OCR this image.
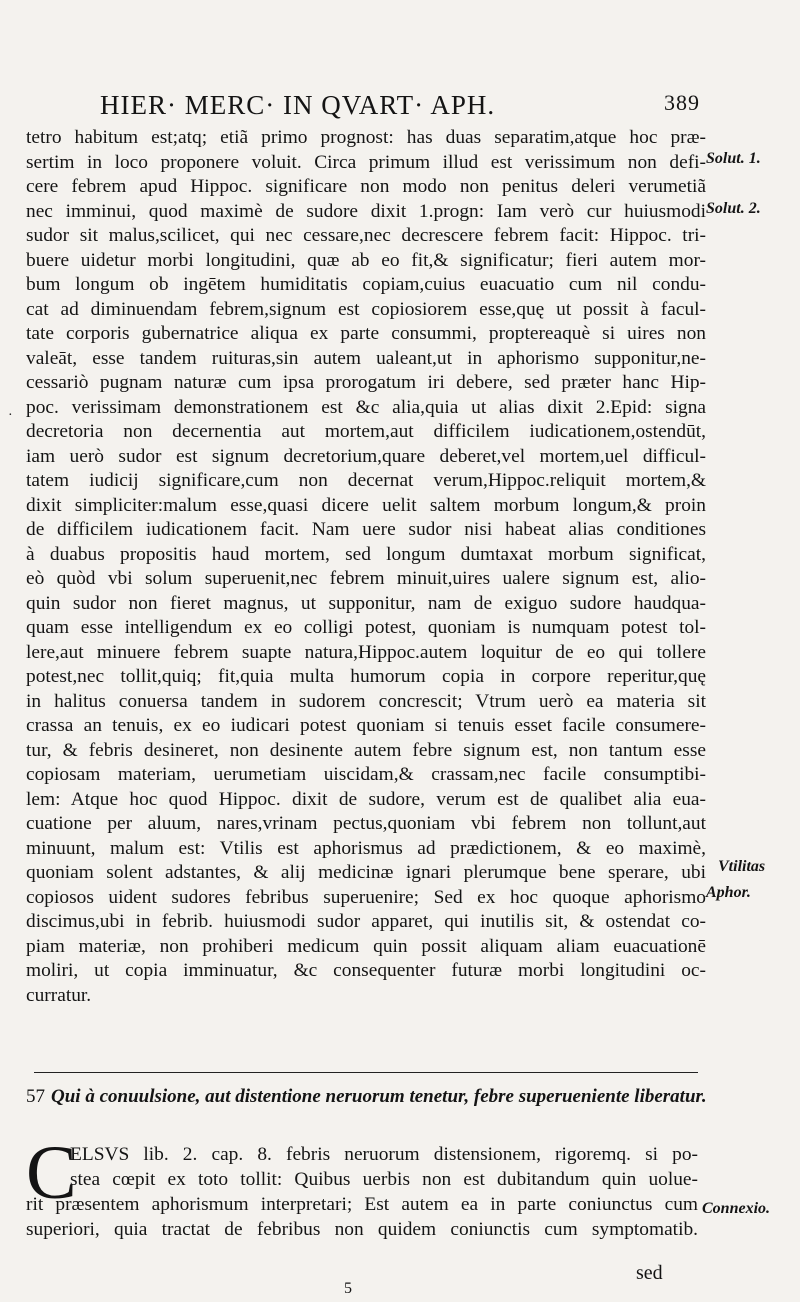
HIER· MERC· IN QVART· APH.	389
tetro habitum est;atq; etiã primo prognost: has duas separatim,atque hoc præ-
sertim in loco proponere voluit. Circa primum illud est verissimum non defi-
cere febrem apud Hippoc. significare non modo non penitus deleri verumetiã
nec imminui, quod maximè de sudore dixit 1.progn: Iam verò cur huiusmodi
sudor sit malus,scilicet, qui nec cessare,nec decrescere febrem facit: Hippoc. tri-
buere uidetur morbi longitudini, quæ ab eo fit,& significatur; fieri autem mor-
bum longum ob ingētem humiditatis copiam,cuius euacuatio cum nil condu-
cat ad diminuendam febrem,signum est copiosiorem esse,quę ut possit à facul-
tate corporis gubernatrice aliqua ex parte consummi, proptereaquè si uires non
valeāt, esse tandem ruituras,sin autem ualeant,ut in aphorismo supponitur,ne-
cessariò pugnam naturæ cum ipsa prorogatum iri debere, sed præter hanc Hip-
poc. verissimam demonstrationem est &c alia,quia ut alias dixit 2.Epid: signa
decretoria non decernentia aut mortem,aut difficilem iudicationem,ostendūt,
iam uerò sudor est signum decretorium,quare deberet,vel mortem,uel difficul-
tatem iudicij significare,cum non decernat verum,Hippoc.reliquit mortem,&
dixit simpliciter:malum esse,quasi dicere uelit saltem morbum longum,& proin
de difficilem iudicationem facit. Nam uere sudor nisi habeat alias conditiones
à duabus propositis haud mortem, sed longum dumtaxat morbum significat,
eò quòd vbi solum superuenit,nec febrem minuit,uires ualere signum est, alio-
quin sudor non fieret magnus, ut supponitur, nam de exiguo sudore haudqua-
quam esse intelligendum ex eo colligi potest, quoniam is numquam potest tol-
lere,aut minuere febrem suapte natura,Hippoc.autem loquitur de eo qui tollere
potest,nec tollit,quiq; fit,quia multa humorum copia in corpore reperitur,quę
in halitus conuersa tandem in sudorem concrescit; Vtrum uerò ea materia sit
crassa an tenuis, ex eo iudicari potest quoniam si tenuis esset facile consumere-
tur, & febris desineret, non desinente autem febre signum est, non tantum esse
copiosam materiam, uerumetiam uiscidam,& crassam,nec facile consumptibi-
lem: Atque hoc quod Hippoc. dixit de sudore, verum est de qualibet alia eua-
cuatione per aluum, nares,vrinam pectus,quoniam vbi febrem non tollunt,aut
minuunt, malum est: Vtilis est aphorismus ad prædictionem, & eo maximè,
quoniam solent adstantes, & alij medicinæ ignari plerumque bene sperare, ubi
copiosos uident sudores febribus superuenire; Sed ex hoc quoque aphorismo
discimus,ubi in febrib. huiusmodi sudor apparet, qui inutilis sit, & ostendat co-
piam materiæ, non prohiberi medicum quin possit aliquam aliam euacuationē
moliri, ut copia imminuatur, &c consequenter futuræ morbi longitudini oc-
curratur.
Solut. 1.
Solut. 2.
Vtilitas
Aphor.
Connexio.
·
57 Qui à conuulsione, aut distentione neruorum tenetur, febre superueniente liberatur.
C
ELSVS lib. 2. cap. 8. febris neruorum distensionem, rigoremq. si po-
stea cœpit ex toto tollit: Quibus uerbis non est dubitandum quin uolue-
rit præsentem aphorismum interpretari; Est autem ea in parte coniunctus cum
superiori, quia tractat de febribus non quidem coniunctis cum symptomatib.
sed
5
